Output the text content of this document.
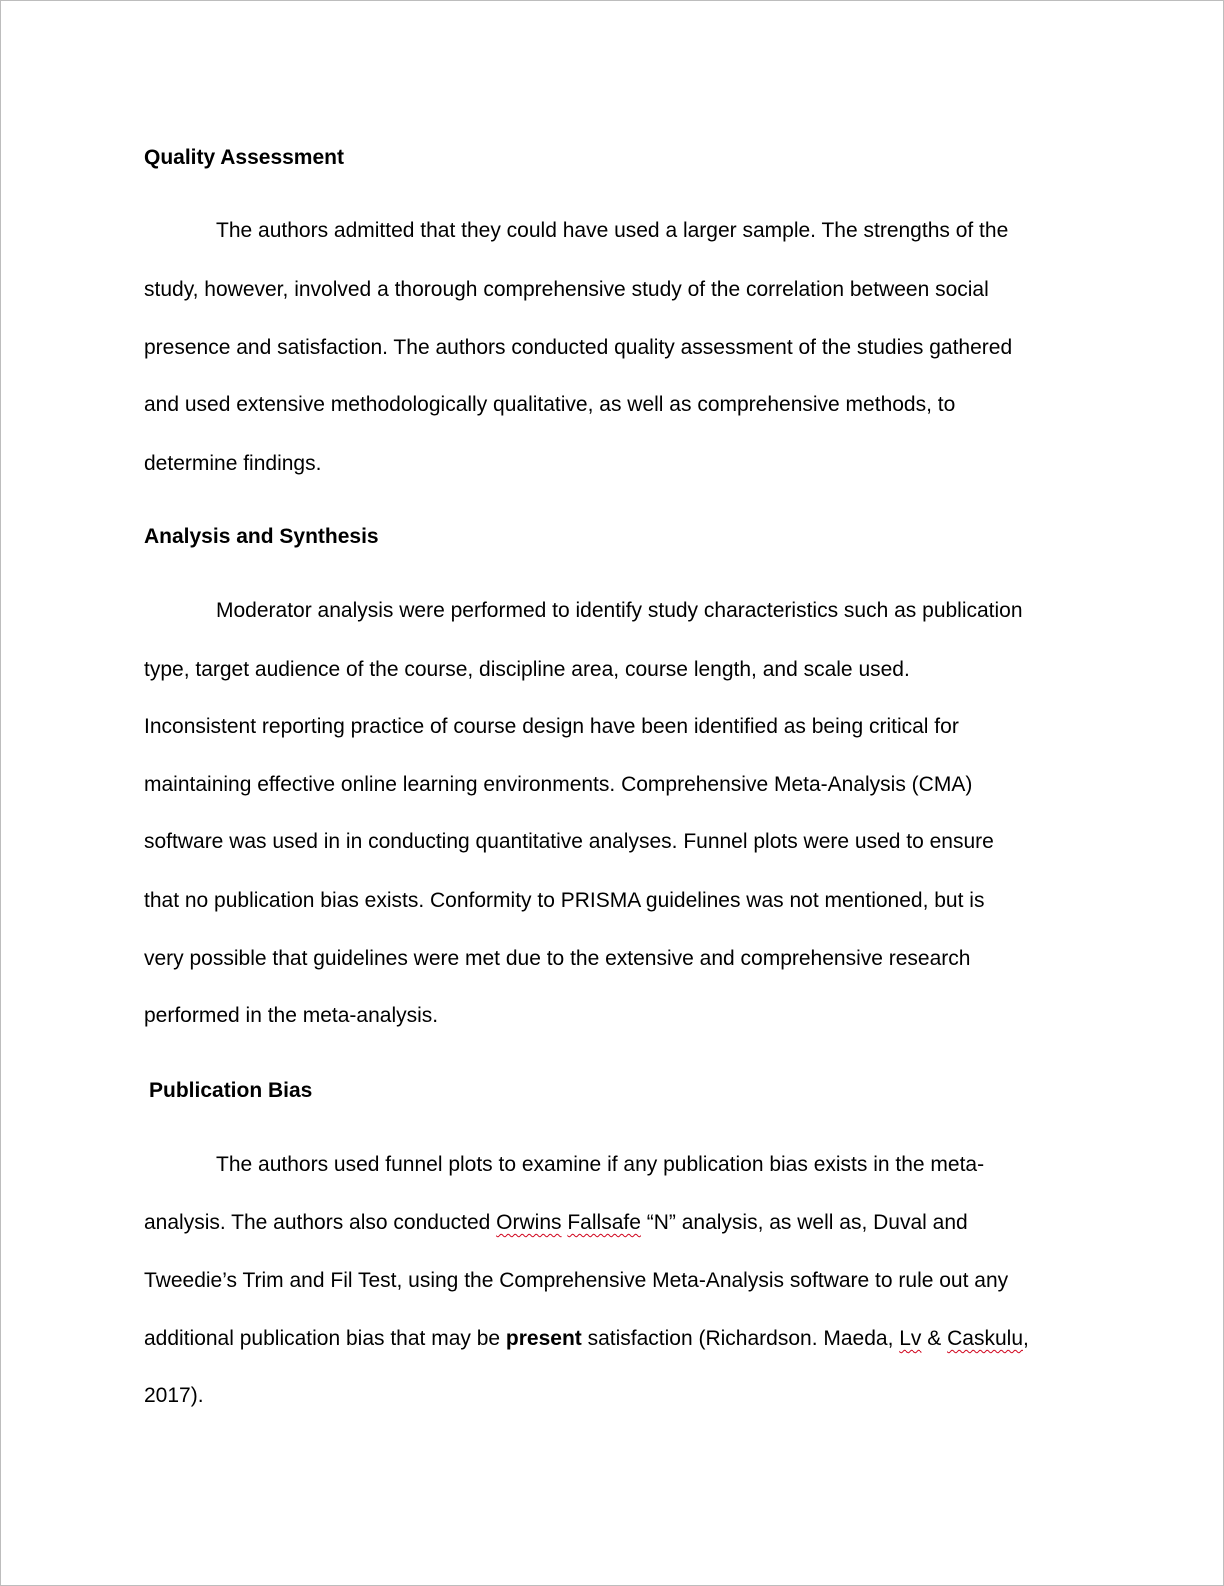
Quality Assessment
The authors admitted that they could have used a larger sample. The strengths of the
study, however, involved a thorough comprehensive study of the correlation between social
presence and satisfaction. The authors conducted quality assessment of the studies gathered
and used extensive methodologically qualitative, as well as comprehensive methods, to
determine findings.
Analysis and Synthesis
Moderator analysis were performed to identify study characteristics such as publication
type, target audience of the course, discipline area, course length, and scale used.
Inconsistent reporting practice of course design have been identified as being critical for
maintaining effective online learning environments. Comprehensive Meta-Analysis (CMA)
software was used in in conducting quantitative analyses. Funnel plots were used to ensure
that no publication bias exists. Conformity to PRISMA guidelines was not mentioned, but is
very possible that guidelines were met due to the extensive and comprehensive research
performed in the meta-analysis.
Publication Bias
The authors used funnel plots to examine if any publication bias exists in the meta-
analysis. The authors also conducted Orwins Fallsafe “N” analysis, as well as, Duval and
Tweedie’s Trim and Fil Test, using the Comprehensive Meta-Analysis software to rule out any
additional publication bias that may be present satisfaction (Richardson. Maeda, Lv & Caskulu,
2017).
